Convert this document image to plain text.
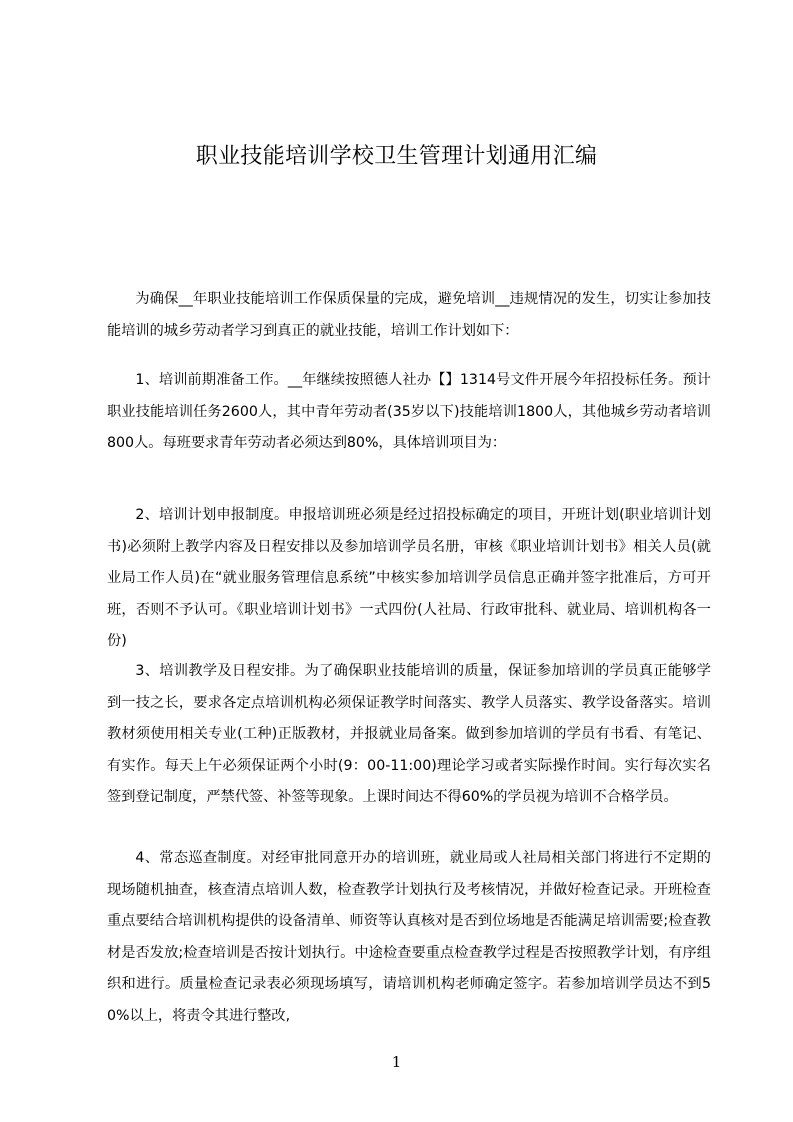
职业技能培训学校卫生管理计划通用汇编

为确保__年职业技能培训工作保质保量的完成，避免培训__违规情况的发生，切实让参加技能培训的城乡劳动者学习到真正的就业技能，培训工作计划如下：

1、培训前期准备工作。__年继续按照德人社办【】1314号文件开展今年招投标任务。预计职业技能培训任务2600人，其中青年劳动者(35岁以下)技能培训1800人，其他城乡劳动者培训800人。每班要求青年劳动者必须达到80%，具体培训项目为：

2、培训计划申报制度。申报培训班必须是经过招投标确定的项目，开班计划(职业培训计划书)必须附上教学内容及日程安排以及参加培训学员名册，审核《职业培训计划书》相关人员(就业局工作人员)在“就业服务管理信息系统”中核实参加培训学员信息正确并签字批准后，方可开班，否则不予认可。《职业培训计划书》一式四份(人社局、行政审批科、就业局、培训机构各一份)

3、培训教学及日程安排。为了确保职业技能培训的质量，保证参加培训的学员真正能够学到一技之长，要求各定点培训机构必须保证教学时间落实、教学人员落实、教学设备落实。培训教材须使用相关专业(工种)正版教材，并报就业局备案。做到参加培训的学员有书看、有笔记、有实作。每天上午必须保证两个小时(9：00-11:00)理论学习或者实际操作时间。实行每次实名签到登记制度，严禁代签、补签等现象。上课时间达不得60%的学员视为培训不合格学员。

4、常态巡查制度。对经审批同意开办的培训班，就业局或人社局相关部门将进行不定期的现场随机抽查，核查清点培训人数，检查教学计划执行及考核情况，并做好检查记录。开班检查重点要结合培训机构提供的设备清单、师资等认真核对是否到位场地是否能满足培训需要;检查教材是否发放;检查培训是否按计划执行。中途检查要重点检查教学过程是否按照教学计划，有序组织和进行。质量检查记录表必须现场填写，请培训机构老师确定签字。若参加培训学员达不到50%以上，将责令其进行整改,

1
